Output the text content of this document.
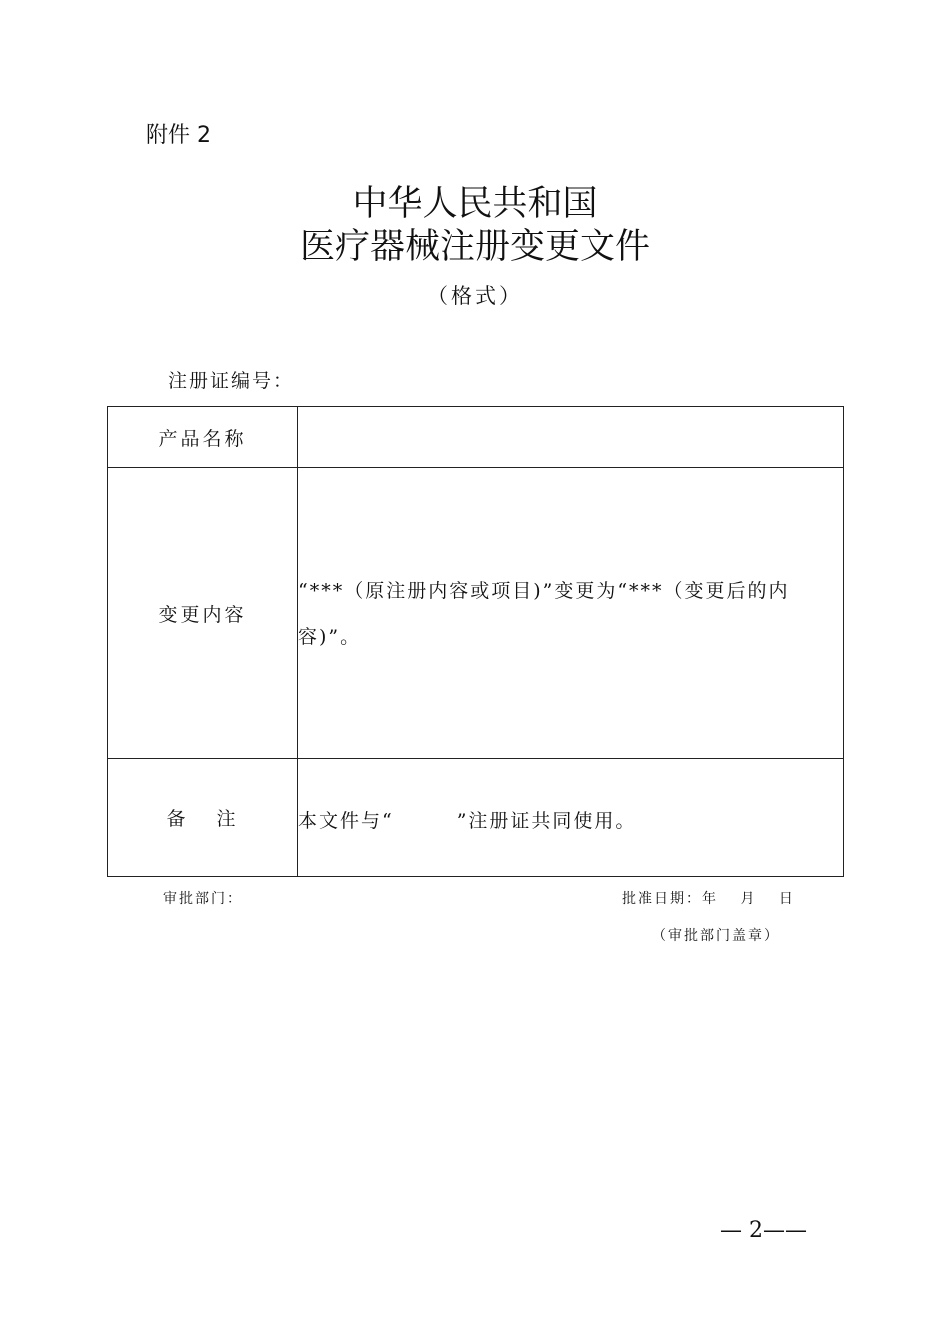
附件 2
中华人民共和国
医疗器械注册变更文件
（格式）
注册证编号：
产品名称	
变更内容	“***（原注册内容或项目)”变更为“***（变更后的内容)”。

备 注	本文件与“　　　”注册证共同使用。
审批部门：	批准日期：年　 月　 日
（审批部门盖章）
— 2——
